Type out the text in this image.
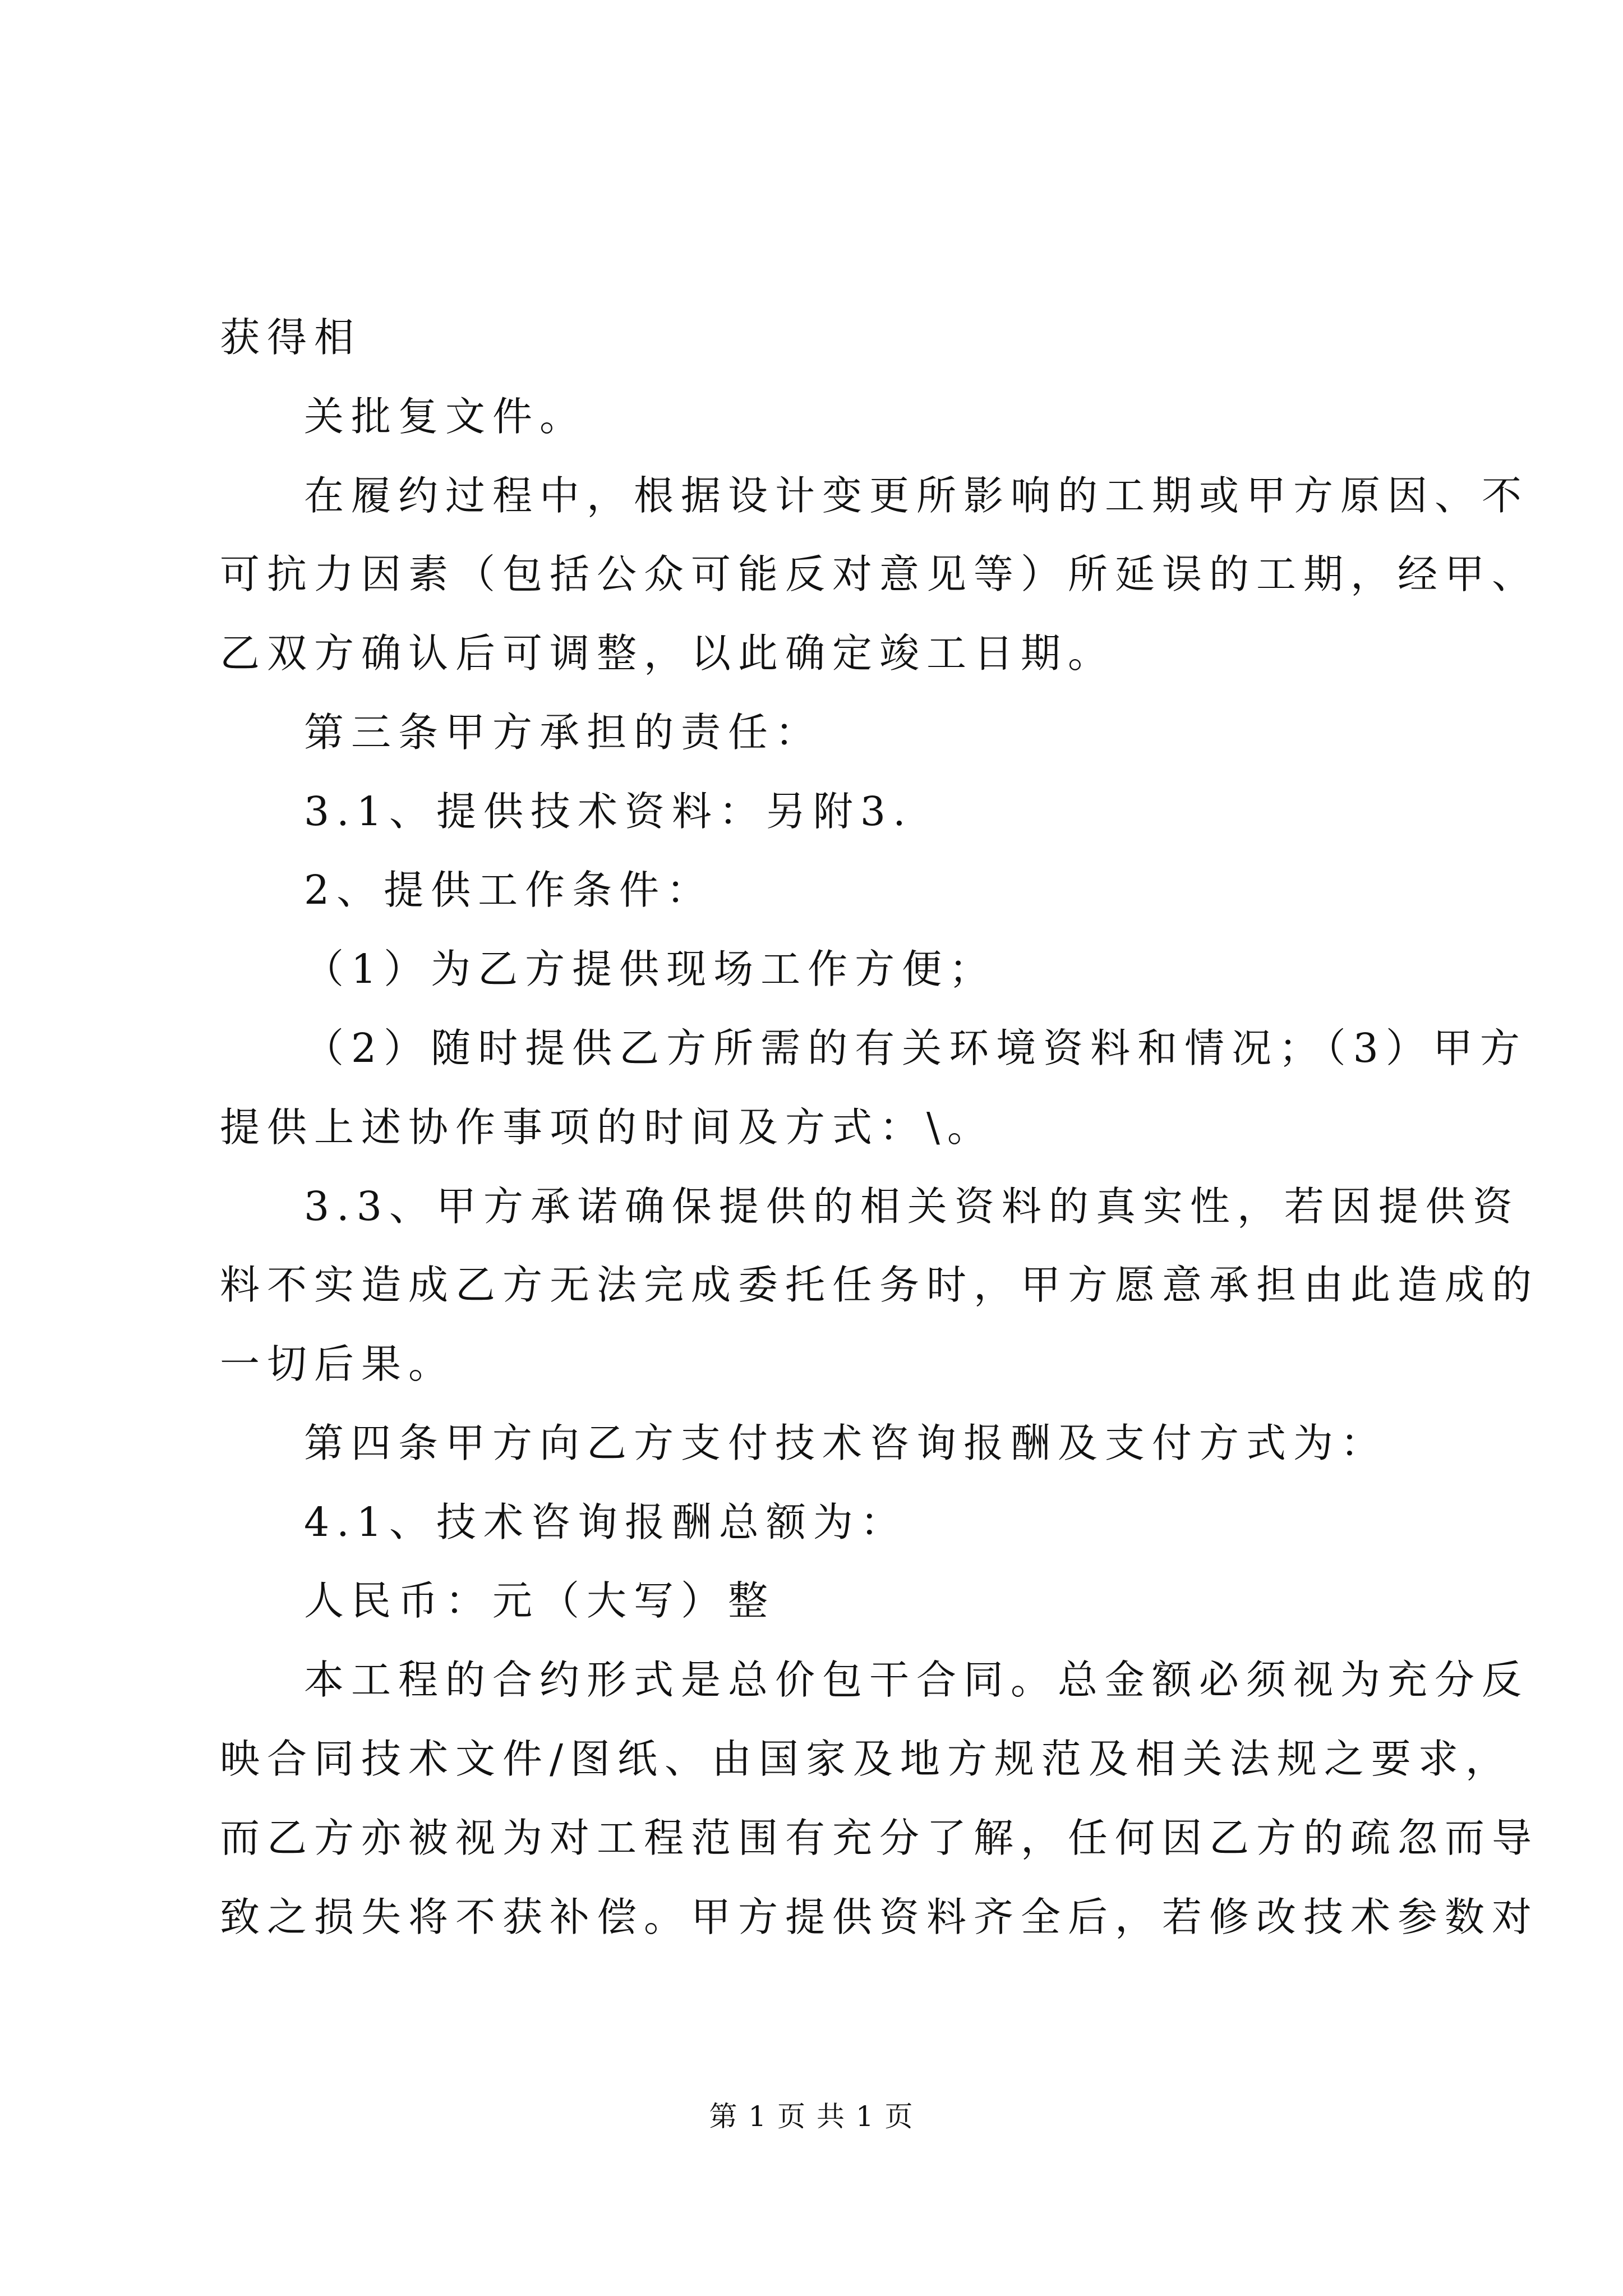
获得相
关批复文件。
在履约过程中，根据设计变更所影响的工期或甲方原因、不
可抗力因素（包括公众可能反对意见等）所延误的工期，经甲、
乙双方确认后可调整，以此确定竣工日期。
第三条甲方承担的责任：
3.1、提供技术资料：另附3.
2、提供工作条件：
（1）为乙方提供现场工作方便；
（2）随时提供乙方所需的有关环境资料和情况；（3）甲方
提供上述协作事项的时间及方式：\。
3.3、甲方承诺确保提供的相关资料的真实性，若因提供资
料不实造成乙方无法完成委托任务时，甲方愿意承担由此造成的
一切后果。
第四条甲方向乙方支付技术咨询报酬及支付方式为：
4.1、技术咨询报酬总额为：
人民币：元（大写）整
本工程的合约形式是总价包干合同。总金额必须视为充分反
映合同技术文件/图纸、由国家及地方规范及相关法规之要求，
而乙方亦被视为对工程范围有充分了解，任何因乙方的疏忽而导
致之损失将不获补偿。甲方提供资料齐全后，若修改技术参数对
第 1 页 共 1 页
